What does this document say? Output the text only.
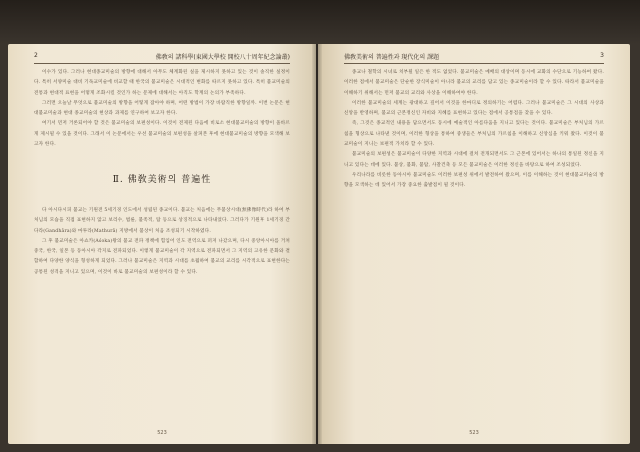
2	佛敎의 諸科學(東國大學校 開校八十周年紀念論叢)

이수가 있다. 그러나 현대종교미술의 방향에 대해서 아무도 체계화된 실을 제시하지 못하고 있는 것이 솔직한 실정이다. 특히 서양미술 대비 기독교미술에 비교할 때 한국의 불교미술은 시대적인 변화를 따르지 못하고 있다. 특히 불교미술의 전통과 현대적 표현을 어떻게 조화시킬 것인가 하는 문제에 대해서는 아직도 학계의 논의가 부족하다.

그러면 오늘날 무엇으로 불교미술의 방향을 어떻게 잡아야 하며, 어떤 방법이 가장 바람직한 방향일까. 이번 논문은 현대불교미술과 현대 종교미술의 현상과 과제를 연구하여 보고자 한다.

여기서 먼저 거론되어야 할 것은 불교미술의 보편성이다. 이것이 전제된 다음에 비로소 현대불교미술의 방향이 올바르게 제시될 수 있을 것이다. 그래서 이 논문에서는 우선 불교미술의 보편성을 살펴본 후에 현대불교미술의 방향을 모색해 보고자 한다.

Ⅱ. 佛敎美術의 普遍性

다 아시다시피 불교는 기원전 5세기경 인도에서 성립된 종교이다. 불교는 처음에는 무불상시대(無佛像時代)라 하여 부처님의 모습을 직접 표현하지 않고 보리수, 법륜, 불족적, 탑 등으로 상징적으로 나타내었다. 그러다가 기원후 1세기경 간다라(Gandhāra)와 마투라(Mathurā) 지방에서 불상이 처음 조성되기 시작하였다.

그 후 불교미술은 아쇼카(Aśoka)왕의 불교 전파 정책에 힘입어 인도 전역으로 퍼져 나갔으며, 다시 중앙아시아를 거쳐 중국, 한국, 일본 등 동아시아 각지로 전파되었다. 이렇게 불교미술이 각 지역으로 전파되면서 그 지역의 고유한 문화와 결합하여 다양한 양식을 형성하게 되었다. 그러나 불교미술은 지역과 시대를 초월하여 불교의 교리를 시각적으로 표현한다는 공통된 성격을 지니고 있으며, 이것이 바로 불교미술의 보편성이라 할 수 있다.

523
佛敎美術의 普遍性과 現代化의 課題	3

종교나 철학의 시녀로 치부될 일은 한 적도 없었다. 불교미술은 예배의 대상이며 동시에 교화의 수단으로 기능하여 왔다. 이러한 점에서 불교미술은 단순한 장식미술이 아니라 불교의 교리를 담고 있는 종교미술이라 할 수 있다. 따라서 불교미술을 이해하기 위해서는 먼저 불교의 교리와 사상을 이해하여야 한다.

이러한 불교미술의 세계는 광대하고 깊어서 이것을 한마디로 정의하기는 어렵다. 그러나 불교미술은 그 시대의 사상과 신앙을 반영하며, 불교의 근본정신인 자비와 지혜를 표현하고 있다는 점에서 공통점을 찾을 수 있다.

즉, 그것은 종교적인 내용을 담으면서도 동시에 예술적인 아름다움을 지니고 있다는 것이다. 불교미술은 부처님의 가르침을 형상으로 나타낸 것이며, 이러한 형상을 통하여 중생들은 부처님의 가르침을 이해하고 신앙심을 키워 왔다. 이것이 불교미술이 지니는 보편적 가치라 할 수 있다.

불교미술의 보편성은 불교미술이 다양한 지역과 시대에 걸쳐 전개되면서도 그 근본에 있어서는 하나의 통일된 정신을 지니고 있다는 데에 있다. 불상, 불화, 불탑, 사찰건축 등 모든 불교미술은 이러한 정신을 바탕으로 하여 조성되었다.

우리나라를 비롯한 동아시아 불교미술도 이러한 보편성 위에서 발전하여 왔으며, 이를 이해하는 것이 현대불교미술의 방향을 모색하는 데 있어서 가장 중요한 출발점이 될 것이다.

523
